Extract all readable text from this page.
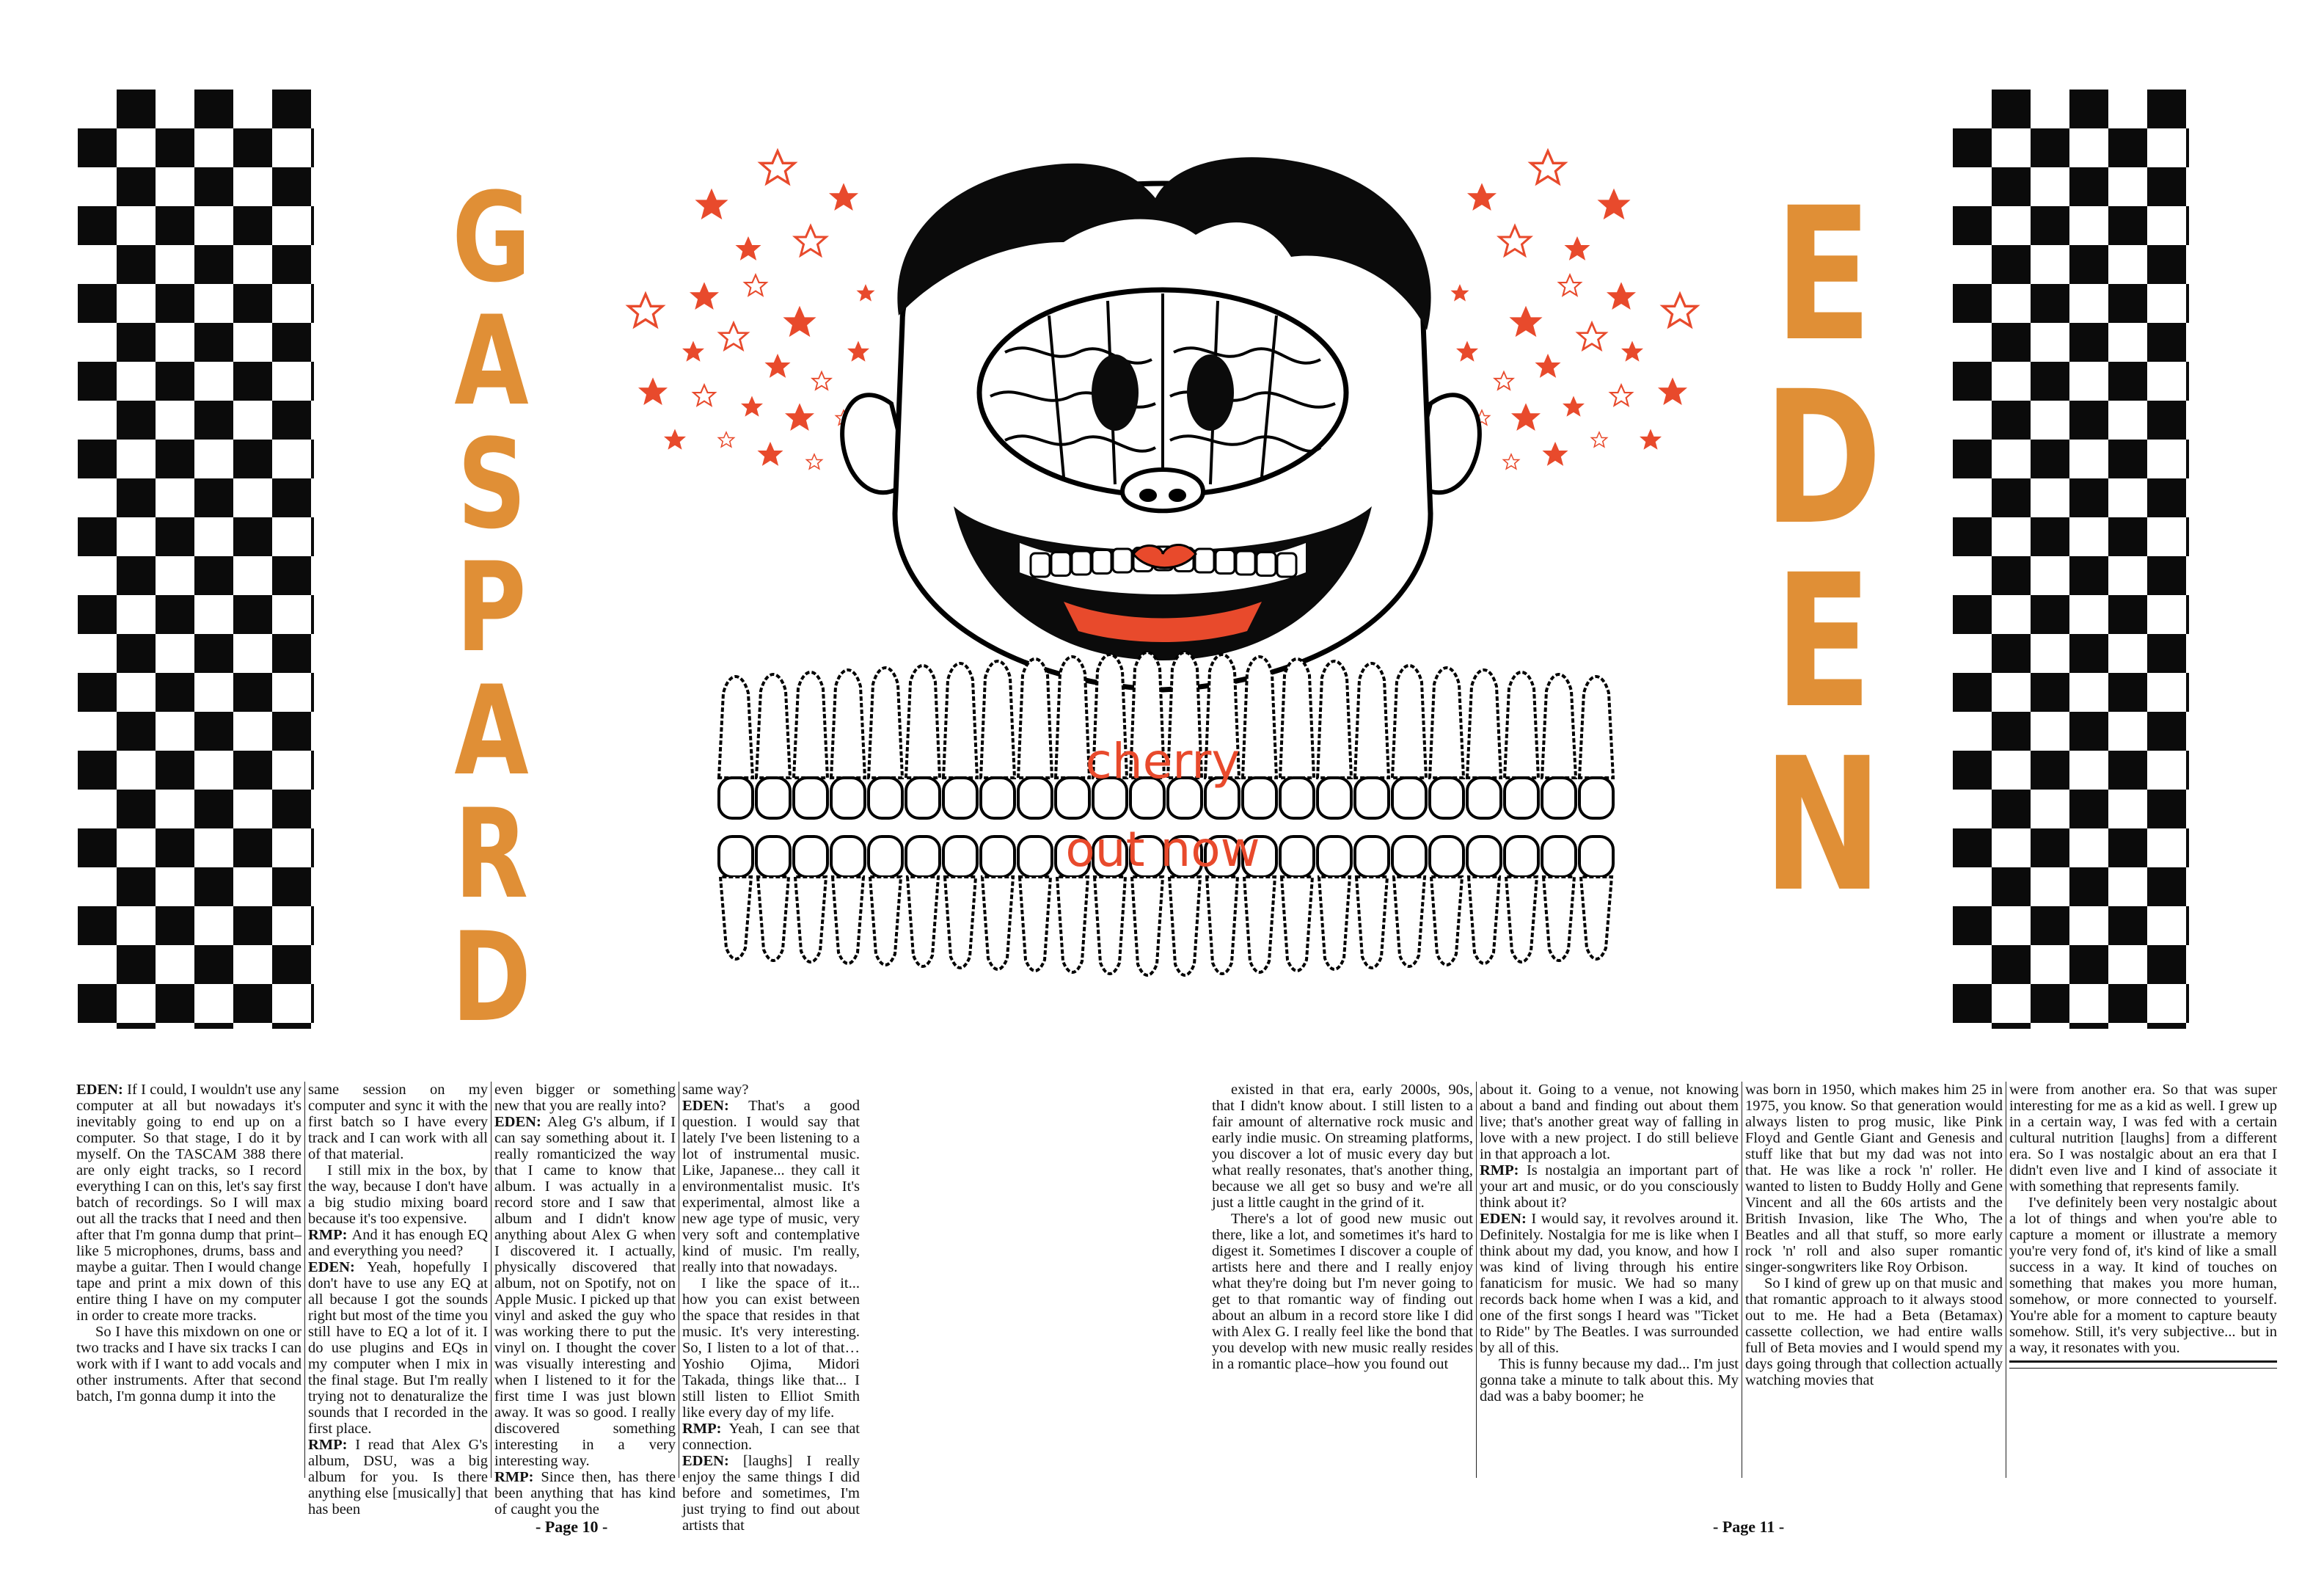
G
A
S
P
A
R
D
E
D
E
N
cherry
out now

EDEN: If I could, I wouldn't use any computer at all but nowadays it's inevitably going to end up on a computer. So that stage, I do it by myself. On the TASCAM 388 there are only eight tracks, so I record everything I can on this, let's say first batch of recordings. So I will max out all the tracks that I need and then after that I'm gonna dump that print–like 5 microphones, drums, bass and maybe a guitar. Then I would change tape and print a mix down of this entire thing I have on my computer in order to create more tracks.

So I have this mixdown on one or two tracks and I have six tracks I can work with if I want to add vocals and other instruments. After that second batch, I'm gonna dump it into the

same session on my computer and sync it with the first batch so I have every track and I can work with all of that material.

I still mix in the box, by the way, because I don't have a big studio mixing board because it's too expensive.

RMP: And it has enough EQ and everything you need?

EDEN: Yeah, hopefully I don't have to use any EQ at all because I got the sounds right but most of the time you still have to EQ a lot of it. I do use plugins and EQs in my computer when I mix in the final stage. But I'm really trying not to denaturalize the sounds that I recorded in the first place.

RMP: I read that Alex G's album, DSU, was a big album for you. Is there anything else [musically] that has been

even bigger or something new that you are really into?

EDEN: Aleg G's album, if I can say something about it. I really romanticized the way that I came to know that album. I was actually in a record store and I saw that album and I didn't know anything about Alex G when I discovered it. I actually, physically discovered that album, not on Spotify, not on Apple Music. I picked up that vinyl and asked the guy who was working there to put the vinyl on. I thought the cover was visually interesting and when I listened to it for the first time I was just blown away. It was so good. I really discovered something interesting in a very interesting way.

RMP: Since then, has there been anything that has kind of caught you the

same way?

EDEN: That's a good question. I would say that lately I've been listening to a lot of instrumental music. Like, Japanese... they call it environmentalist music. It's experimental, almost like a new age type of music, very very soft and contemplative kind of music. I'm really, really into that nowadays.

I like the space of it... how you can exist between the space that resides in that music. It's very interesting. So, I listen to a lot of that… Yoshio Ojima, Midori Takada, things like that... I still listen to Elliot Smith like every day of my life.

RMP: Yeah, I can see that connection.

EDEN: [laughs] I really enjoy the same things I did before and sometimes, I'm just trying to find out about artists that

existed in that era, early 2000s, 90s, that I didn't know about. I still listen to a fair amount of alternative rock music and early indie music. On streaming platforms, you discover a lot of music every day but what really resonates, that's another thing, because we all get so busy and we're all just a little caught in the grind of it.

There's a lot of good new music out there, like a lot, and sometimes it's hard to digest it. Sometimes I discover a couple of artists here and there and I really enjoy what they're doing but I'm never going to get to that romantic way of finding out about an album in a record store like I did with Alex G. I really feel like the bond that you develop with new music really resides in a romantic place–how you found out

about it. Going to a venue, not knowing about a band and finding out about them live; that's another great way of falling in love with a new project. I do still believe in that approach a lot.

RMP: Is nostalgia an important part of your art and music, or do you consciously think about it?

EDEN: I would say, it revolves around it. Definitely. Nostalgia for me is like when I think about my dad, you know, and how I was kind of living through his entire fanaticism for music. We had so many records back home when I was a kid, and one of the first songs I heard was "Ticket to Ride" by The Beatles. I was surrounded by all of this.

This is funny because my dad... I'm just gonna take a minute to talk about this. My dad was a baby boomer; he

was born in 1950, which makes him 25 in 1975, you know. So that generation would always listen to prog music, like Pink Floyd and Gentle Giant and Genesis and stuff like that but my dad was not into that. He was like a rock 'n' roller. He wanted to listen to Buddy Holly and Gene Vincent and all the 60s artists and the British Invasion, like The Who, The Beatles and all that stuff, so more early rock 'n' roll and also super romantic singer-songwriters like Roy Orbison.

So I kind of grew up on that music and that romantic approach to it always stood out to me. He had a Beta (Betamax) cassette collection, we had entire walls full of Beta movies and I would spend my days going through that collection actually watching movies that

were from another era. So that was super interesting for me as a kid as well. I grew up in a certain way, I was fed with a certain cultural nutrition [laughs] from a different era. So I was nostalgic about an era that I didn't even live and I kind of associate it with something that represents family.

I've definitely been very nostalgic about a lot of things and when you're able to capture a moment or illustrate a memory you're very fond of, it's kind of like a small success in a way. It kind of touches on something that makes you more human, somehow, or more connected to yourself. You're able for a moment to capture beauty somehow. Still, it's very subjective... but in a way, it resonates with you.

- Page 10 -	- Page 11 -
